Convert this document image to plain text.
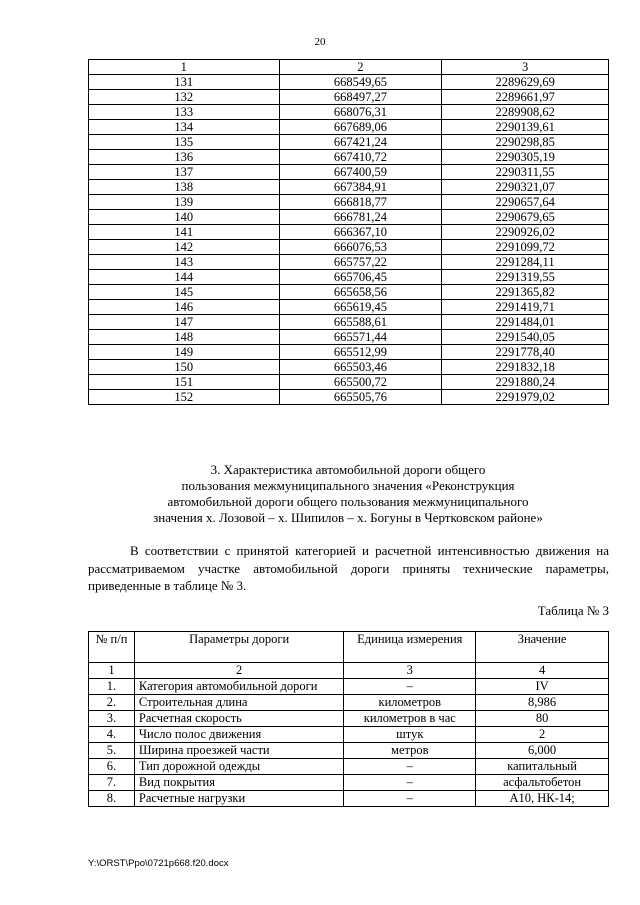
20
1	2	3
131	668549,65	2289629,69
132	668497,27	2289661,97
133	668076,31	2289908,62
134	667689,06	2290139,61
135	667421,24	2290298,85
136	667410,72	2290305,19
137	667400,59	2290311,55
138	667384,91	2290321,07
139	666818,77	2290657,64
140	666781,24	2290679,65
141	666367,10	2290926,02
142	666076,53	2291099,72
143	665757,22	2291284,11
144	665706,45	2291319,55
145	665658,56	2291365,82
146	665619,45	2291419,71
147	665588,61	2291484,01
148	665571,44	2291540,05
149	665512,99	2291778,40
150	665503,46	2291832,18
151	665500,72	2291880,24
152	665505,76	2291979,02
3. Характеристика автомобильной дороги общего
пользования межмуниципального значения «Реконструкция
автомобильной дороги общего пользования межмуниципального
значения х. Лозовой – х. Шипилов – х. Богуны в Чертковском районе»
В соответствии с принятой категорией и расчетной интенсивностью движения на рассматриваемом участке автомобильной дороги приняты технические параметры, приведенные в таблице № 3.
Таблица № 3
№ п/п	Параметры дороги	Единица измерения	Значение
1	2	3	4
1.	Категория автомобильной дороги	–	IV
2.	Строительная длина	километров	8,986
3.	Расчетная скорость	километров в час	80
4.	Число полос движения	штук	2
5.	Ширина проезжей части	метров	6,000
6.	Тип дорожной одежды	–	капитальный
7.	Вид покрытия	–	асфальтобетон
8.	Расчетные нагрузки	–	А10, НК-14;
Y:\ORST\Ppo\0721p668.f20.docx
